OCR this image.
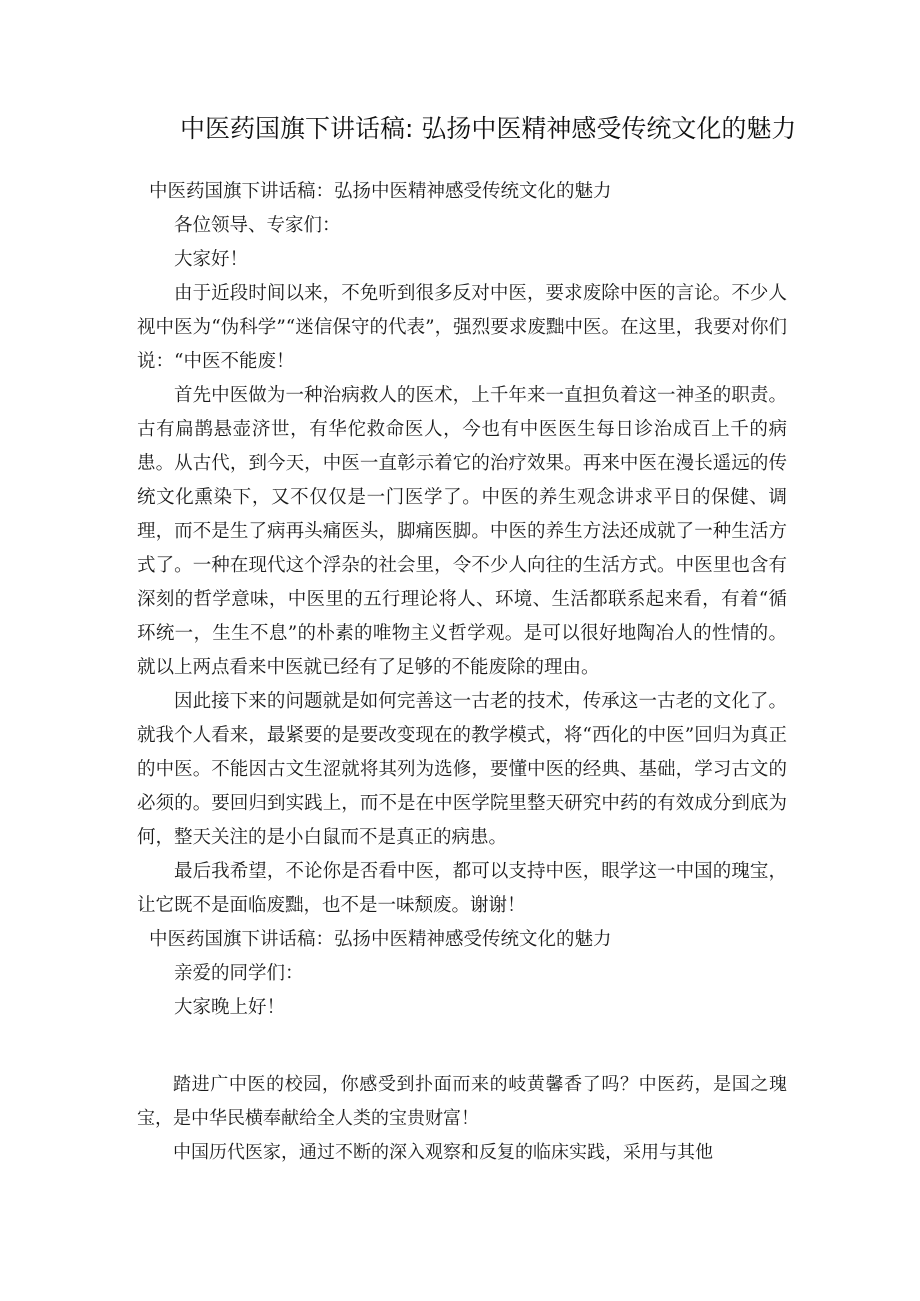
中医药国旗下讲话稿: 弘扬中医精神感受传统文化的魅力

中医药国旗下讲话稿：弘扬中医精神感受传统文化的魅力

各位领导、专家们：

大家好！

由于近段时间以来，不免听到很多反对中医，要求废除中医的言论。不少人视中医为“伪科学”“迷信保守的代表”，强烈要求废黜中医。在这里，我要对你们说：“中医不能废！

首先中医做为一种治病救人的医术，上千年来一直担负着这一神圣的职责。古有扁鹊悬壶济世，有华佗救命医人，今也有中医医生每日诊治成百上千的病患。从古代，到今天，中医一直彰示着它的治疗效果。再来中医在漫长遥远的传统文化熏染下，又不仅仅是一门医学了。中医的养生观念讲求平日的保健、调理，而不是生了病再头痛医头，脚痛医脚。中医的养生方法还成就了一种生活方式了。一种在现代这个浮杂的社会里，令不少人向往的生活方式。中医里也含有深刻的哲学意味，中医里的五行理论将人、环境、生活都联系起来看，有着“循环统一，生生不息”的朴素的唯物主义哲学观。是可以很好地陶冶人的性情的。就以上两点看来中医就已经有了足够的不能废除的理由。

因此接下来的问题就是如何完善这一古老的技术，传承这一古老的文化了。就我个人看来，最紧要的是要改变现在的教学模式，将“西化的中医”回归为真正的中医。不能因古文生涩就将其列为选修，要懂中医的经典、基础，学习古文的必须的。要回归到实践上，而不是在中医学院里整天研究中药的有效成分到底为何，整天关注的是小白鼠而不是真正的病患。

最后我希望，不论你是否看中医，都可以支持中医，眼学这一中国的瑰宝，让它既不是面临废黜，也不是一味颓废。谢谢！

中医药国旗下讲话稿：弘扬中医精神感受传统文化的魅力

亲爱的同学们：

大家晚上好！

踏进广中医的校园，你感受到扑面而来的岐黄馨香了吗？中医药，是国之瑰宝，是中华民横奉献给全人类的宝贵财富！

中国历代医家，通过不断的深入观察和反复的临床实践，采用与其他
